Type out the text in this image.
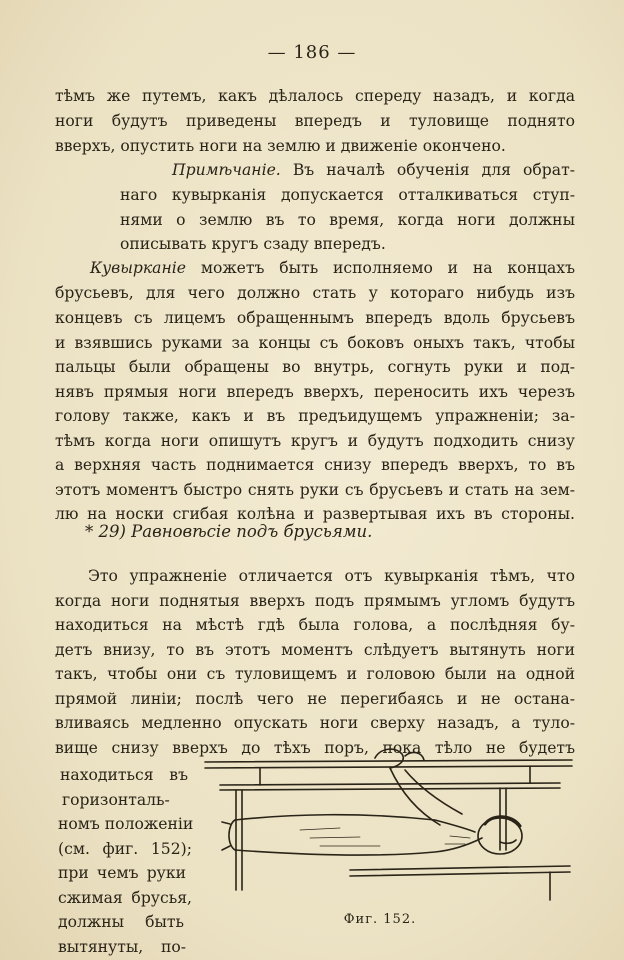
— 186 —
тѣмъ же путемъ, какъ дѣлалось спереду назадъ, и когда
ноги будутъ приведены впередъ и туловище поднято
вверхъ, опустить ноги на землю и движеніе окончено.
Примѣчаніе. Въ началѣ обученія для обрат-
наго кувырканія допускается отталкиваться ступ-
нями о землю въ то время, когда ноги должны
описывать кругъ сзаду впередъ.
Кувырканіе можетъ быть исполняемо и на концахъ
брусьевъ, для чего должно стать у котораго нибудь изъ
концевъ съ лицемъ обращеннымъ впередъ вдоль брусьевъ
и взявшись руками за концы съ боковъ оныхъ такъ, чтобы
пальцы были обращены во внутрь, согнуть руки и под-
нявъ прямыя ноги впередъ вверхъ, переносить ихъ черезъ
голову также, какъ и въ предъидущемъ упражненіи; за-
тѣмъ когда ноги опишутъ кругъ и будутъ подходить снизу
а верхняя часть поднимается снизу впередъ вверхъ, то въ
этотъ моментъ быстро снять руки съ брусьевъ и стать на зем-
лю на носки сгибая колѣна и развертывая ихъ въ стороны.
* 29) Равновѣсіе подъ брусьями.
Это упражненіе отличается отъ кувырканія тѣмъ, что
когда ноги поднятыя вверхъ подъ прямымъ угломъ будутъ
находиться на мѣстѣ гдѣ была голова, а послѣдняя бу-
детъ внизу, то въ этотъ моментъ слѣдуетъ вытянуть ноги
такъ, чтобы они съ туловищемъ и головою были на одной
прямой линіи; послѣ чего не перегибаясь и не остана-
вливаясь медленно опускать ноги сверху назадъ, а туло-
вище снизу вверхъ до тѣхъ поръ, пока тѣло не будетъ
находиться въ
горизонталь-
номъ положеніи
(см. фиг. 152);
при чемъ руки
сжимая брусья,
должны быть
вытянуты, по-
Фиг. 152.
